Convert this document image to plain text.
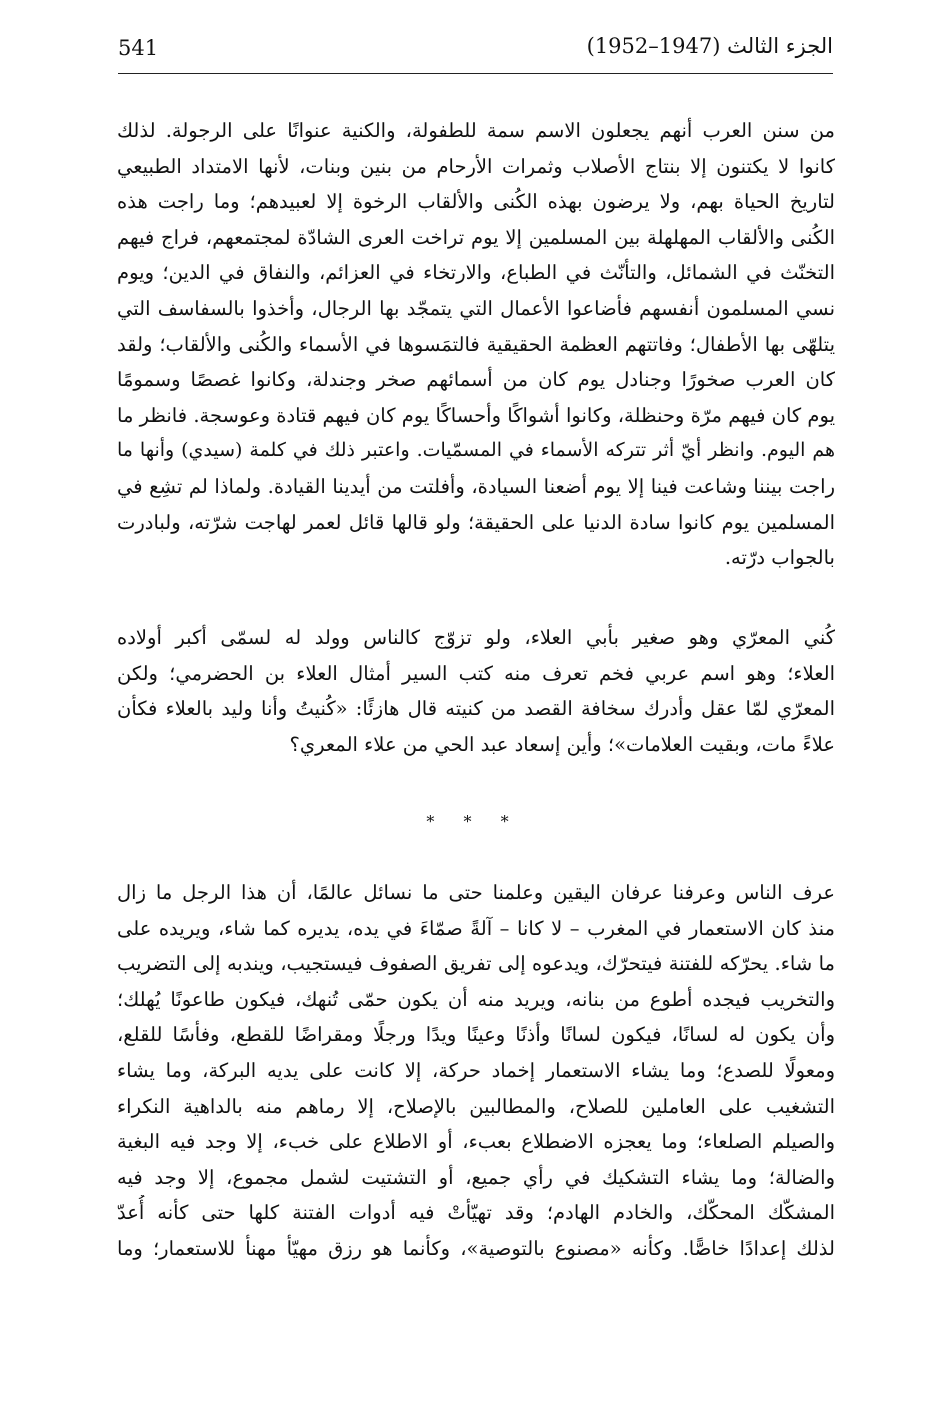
541	الجزء الثالث (1947–1952)
من سنن العرب أنهم يجعلون الاسم سمة للطفولة، والكنية عنوانًا على الرجولة. لذلك
كانوا لا يكتنون إلا بنتاج الأصلاب وثمرات الأرحام من بنين وبنات، لأنها الامتداد الطبيعي
لتاريخ الحياة بهم، ولا يرضون بهذه الكُنى والألقاب الرخوة إلا لعبيدهم؛ وما راجت هذه
الكُنى والألقاب المهلهلة بين المسلمين إلا يوم تراخت العرى الشادّة لمجتمعهم، فراج فيهم
التخنّث في الشمائل، والتأنّث في الطباع، والارتخاء في العزائم، والنفاق في الدين؛ ويوم
نسي المسلمون أنفسهم فأضاعوا الأعمال التي يتمجّد بها الرجال، وأخذوا بالسفاسف التي
يتلهّى بها الأطفال؛ وفاتتهم العظمة الحقيقية فالتمَسوها في الأسماء والكُنى والألقاب؛ ولقد
كان العرب صخورًا وجنادل يوم كان من أسمائهم صخر وجندلة، وكانوا غصصًا وسمومًا
يوم كان فيهم مرّة وحنظلة، وكانوا أشواكًا وأحساكًا يوم كان فيهم قتادة وعوسجة. فانظر ما
هم اليوم. وانظر أيّ أثر تتركه الأسماء في المسمّيات. واعتبر ذلك في كلمة (سيدي) وأنها ما
راجت بيننا وشاعت فينا إلا يوم أضعنا السيادة، وأفلتت من أيدينا القيادة. ولماذا لم تشِع في
المسلمين يوم كانوا سادة الدنيا على الحقيقة؛ ولو قالها قائل لعمر لهاجت شرّته، ولبادرت
بالجواب درّته.
كُني المعرّي وهو صغير بأبي العلاء، ولو تزوّج كالناس وولد له لسمّى أكبر أولاده
العلاء؛ وهو اسم عربي فخم تعرف منه كتب السير أمثال العلاء بن الحضرمي؛ ولكن
المعرّي لمّا عقل وأدرك سخافة القصد من كنيته قال هازئًا: «كُنيتُ وأنا وليد بالعلاء فكأن
علاءً مات، وبقيت العلامات»؛ وأين إسعاد عبد الحي من علاء المعري؟
* * *
عرف الناس وعرفنا عرفان اليقين وعلمنا حتى ما نسائل عالمًا، أن هذا الرجل ما زال
منذ كان الاستعمار في المغرب – لا كانا – آلةً صمّاءَ في يده، يديره كما شاء، ويريده على
ما شاء. يحرّكه للفتنة فيتحرّك، ويدعوه إلى تفريق الصفوف فيستجيب، ويندبه إلى التضريب
والتخريب فيجده أطوع من بنانه، ويريد منه أن يكون حمّى تُنهك، فيكون طاعونًا يُهلك؛
وأن يكون له لسانًا، فيكون لسانًا وأذنًا وعينًا ويدًا ورجلًا ومقراضًا للقطع، وفأسًا للقلع،
ومعولًا للصدع؛ وما يشاء الاستعمار إخماد حركة، إلا كانت على يديه البركة، وما يشاء
التشغيب على العاملين للصلاح، والمطالبين بالإصلاح، إلا رماهم منه بالداهية النكراء
والصيلم الصلعاء؛ وما يعجزه الاضطلاع بعبء، أو الاطلاع على خبء، إلا وجد فيه البغية
والضالة؛ وما يشاء التشكيك في رأي جميع، أو التشتيت لشمل مجموع، إلا وجد فيه
المشكّك المحكّك، والخادم الهادم؛ وقد تهيّأتْ فيه أدوات الفتنة كلها حتى كأنه أُعدّ
لذلك إعدادًا خاصًّا. وكأنه «مصنوع بالتوصية»، وكأنما هو رزق مهيّأ مهنأ للاستعمار؛ وما
